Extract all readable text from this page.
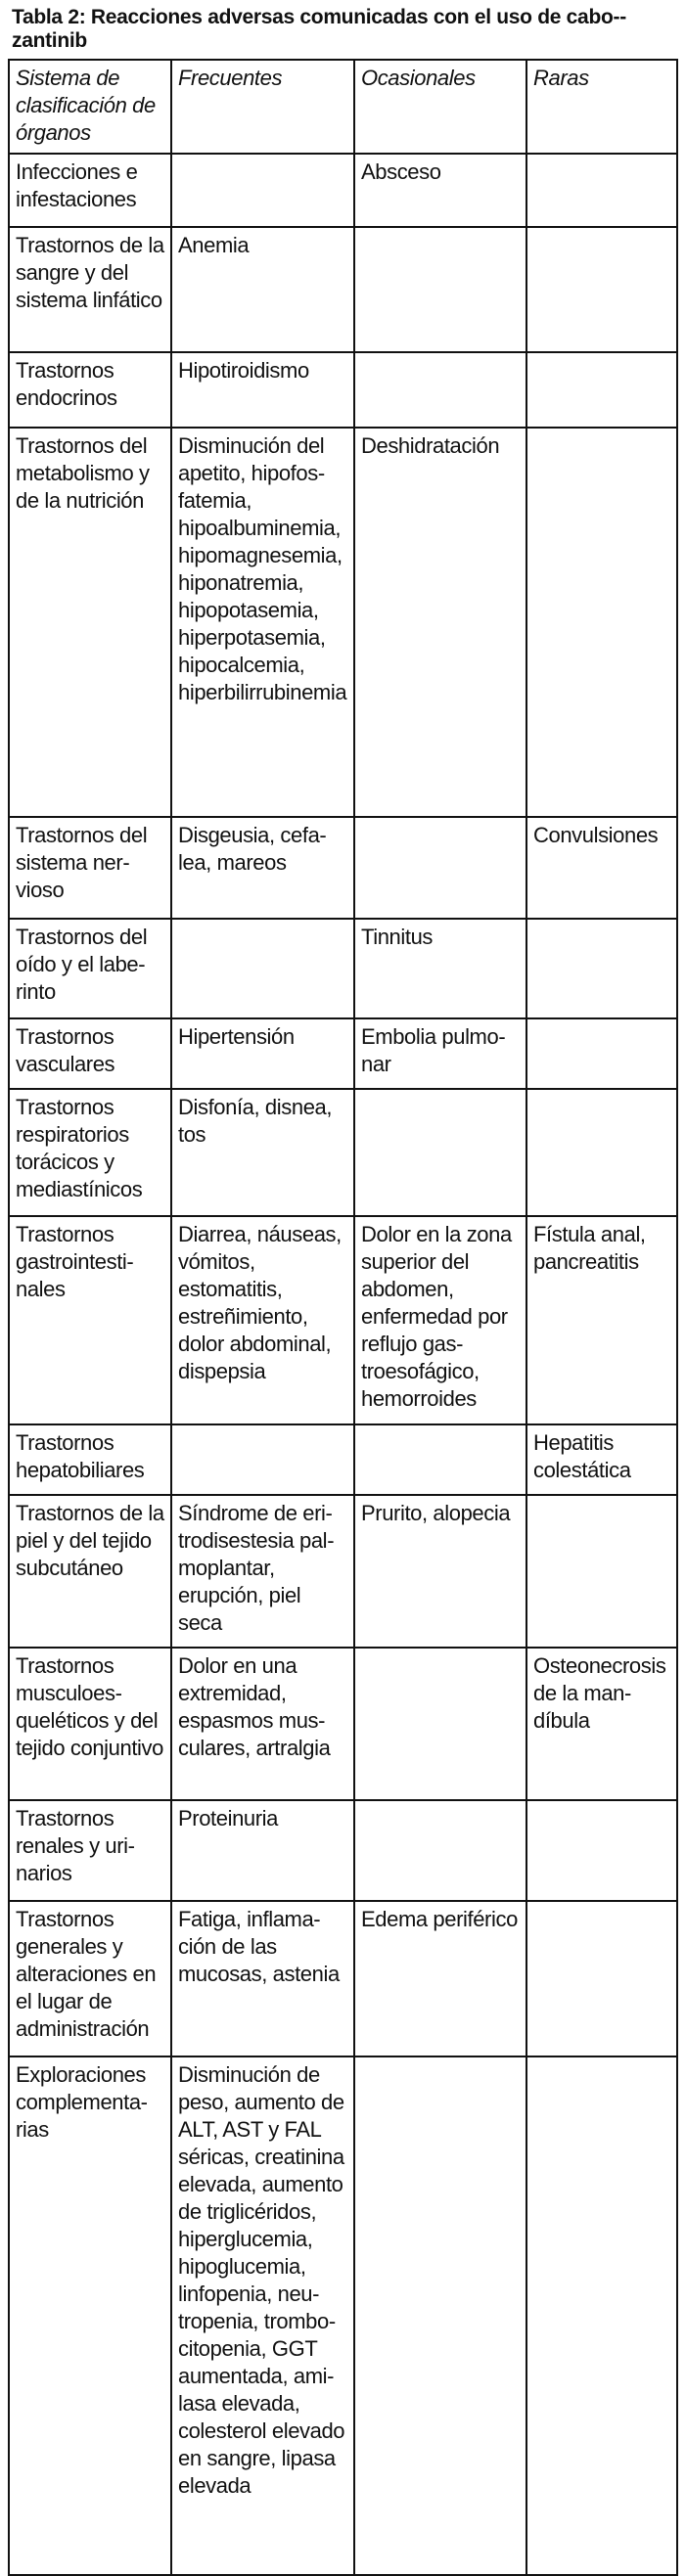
Tabla 2: Reacciones adversas comunicadas con el uso de cabo-zantinib

Sistema de clasificación de órganos	Frecuentes	Ocasionales	Raras
Infecciones e infestaciones		Absceso	
Trastornos de la sangre y del sistema linfático	Anemia		
Trastornos endocrinos	Hipotiroidismo		
Trastornos del metabolismo y de la nutrición	Disminución del apetito, hipofosfatemia, hipoalbuminemia, hipomagnesemia, hiponatremia, hipopotasemia, hiperpotasemia, hipocalcemia, hiperbilirrubinemia	Deshidratación	
Trastornos del sistema nervioso	Disgeusia, cefalea, mareos		Convulsiones
Trastornos del oído y el laberinto		Tinnitus	
Trastornos vasculares	Hipertensión	Embolia pulmonar	
Trastornos respiratorios torácicos y mediastínicos	Disfonía, disnea, tos		
Trastornos gastrointestinales	Diarrea, náuseas, vómitos, estomatitis, estreñimiento, dolor abdominal, dispepsia	Dolor en la zona superior del abdomen, enfermedad por reflujo gastroesofágico, hemorroides	Fístula anal, pancreatitis
Trastornos hepatobiliares			Hepatitis colestática
Trastornos de la piel y del tejido subcutáneo	Síndrome de eritrodisestesia palmoplantar, erupción, piel seca	Prurito, alopecia	
Trastornos musculoesqueléticos y del tejido conjuntivo	Dolor en una extremidad, espasmos musculares, artralgia		Osteonecrosis de la mandíbula
Trastornos renales y urinarios	Proteinuria		
Trastornos generales y alteraciones en el lugar de administración	Fatiga, inflamación de las mucosas, astenia	Edema periférico	
Exploraciones complementarias	Disminución de peso, aumento de ALT, AST y FAL séricas, creatinina elevada, aumento de triglicéridos, hiperglucemia, hipoglucemia, linfopenia, neutropenia, trombocitopenia, GGT aumentada, amilasa elevada, colesterol elevado en sangre, lipasa elevada		
